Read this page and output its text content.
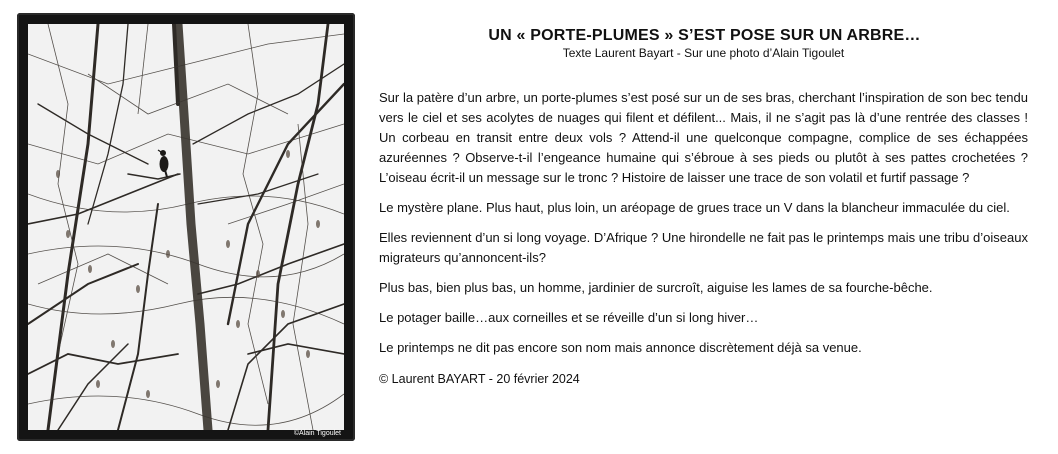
©Alain Tigoulet
UN « PORTE-PLUMES » S’EST POSE SUR UN ARBRE…

Texte Laurent Bayart - Sur une photo d’Alain Tigoulet

Sur la patère d’un arbre, un porte-plumes s’est posé sur un de ses bras, cherchant l’inspiration de son bec tendu vers le ciel et ses acolytes de nuages qui filent et défilent... Mais, il ne s’agit pas là d’une rentrée des classes ! Un corbeau en transit entre deux vols ? Attend-il une quelconque compagne, complice de ses échappées azuréennes ? Observe-t-il l’engeance humaine qui s’ébroue à ses pieds ou plutôt à ses pattes crochetées ? L’oiseau écrit-il un message sur le tronc ? Histoire de laisser une trace de son volatil et furtif passage ?

Le mystère plane. Plus haut, plus loin, un aréopage de grues trace un V dans la blancheur immaculée du ciel.

Elles reviennent d’un si long voyage. D’Afrique ? Une hirondelle ne fait pas le printemps mais une tribu d’oiseaux migrateurs qu’annoncent-ils?

Plus bas, bien plus bas, un homme, jardinier de surcroît, aiguise les lames de sa fourche-bêche.

Le potager baille…aux corneilles et se réveille d’un si long hiver…

Le printemps ne dit pas encore son nom mais annonce discrètement déjà sa venue.

© Laurent BAYART - 20 février 2024
